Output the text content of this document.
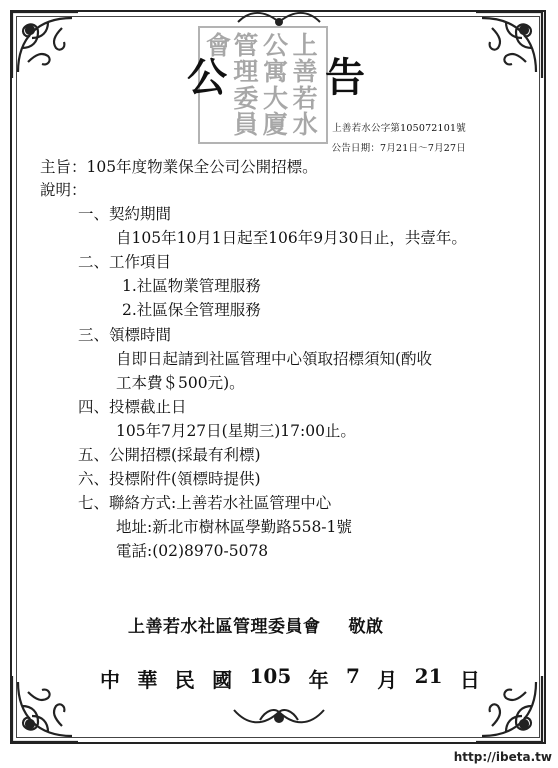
上
善
若
水
公
寓
大
廈
管
理
委
員
會
公 告
上善若水公字第105072101號
公告日期：7月21日～7月27日
主旨：105年度物業保全公司公開招標。
說明：
一、契約期間
自105年10月1日起至106年9月30日止，共壹年。
二、工作項目
1.社區物業管理服務
2.社區保全管理服務
三、領標時間
自即日起請到社區管理中心領取招標須知(酌收
工本費＄500元)。
四、投標截止日
105年7月27日(星期三)17:00止。
五、公開招標(採最有利標)
六、投標附件(領標時提供)
七、聯絡方式:上善若水社區管理中心
地址:新北市樹林區學勤路558-1號
電話:(02)8970-5078
上善若水社區管理委員會 敬啟
中 華 民 國 105 年 7 月 21 日
http://ibeta.tw
